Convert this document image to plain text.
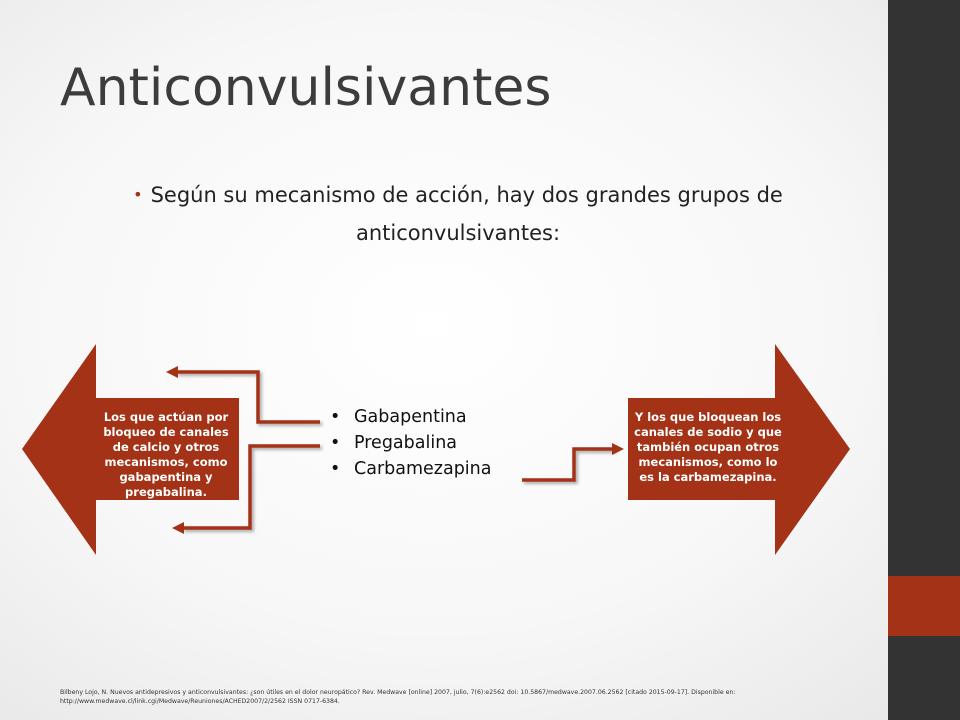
Anticonvulsivantes
• Según su mecanismo de acción, hay dos grandes grupos de anticonvulsivantes:
Los que actúan por bloqueo de canales de calcio y otros mecanismos, como gabapentina y pregabalina.
Y los que bloquean los canales de sodio y que también ocupan otros mecanismos, como lo es la carbamezapina.
• Gabapentina
• Pregabalina
• Carbamezapina
Bilbeny Lojo, N. Nuevos antidepresivos y anticonvulsivantes: ¿son útiles en el dolor neuropático? Rev. Medwave [online] 2007, julio, 7(6):e2562 doi: 10.5867/medwave.2007.06.2562 [citado 2015-09-17]. Disponible en: http://www.medwave.cl/link.cgi/Medwave/Reuniones/ACHED2007/2/2562 ISSN 0717-6384.
